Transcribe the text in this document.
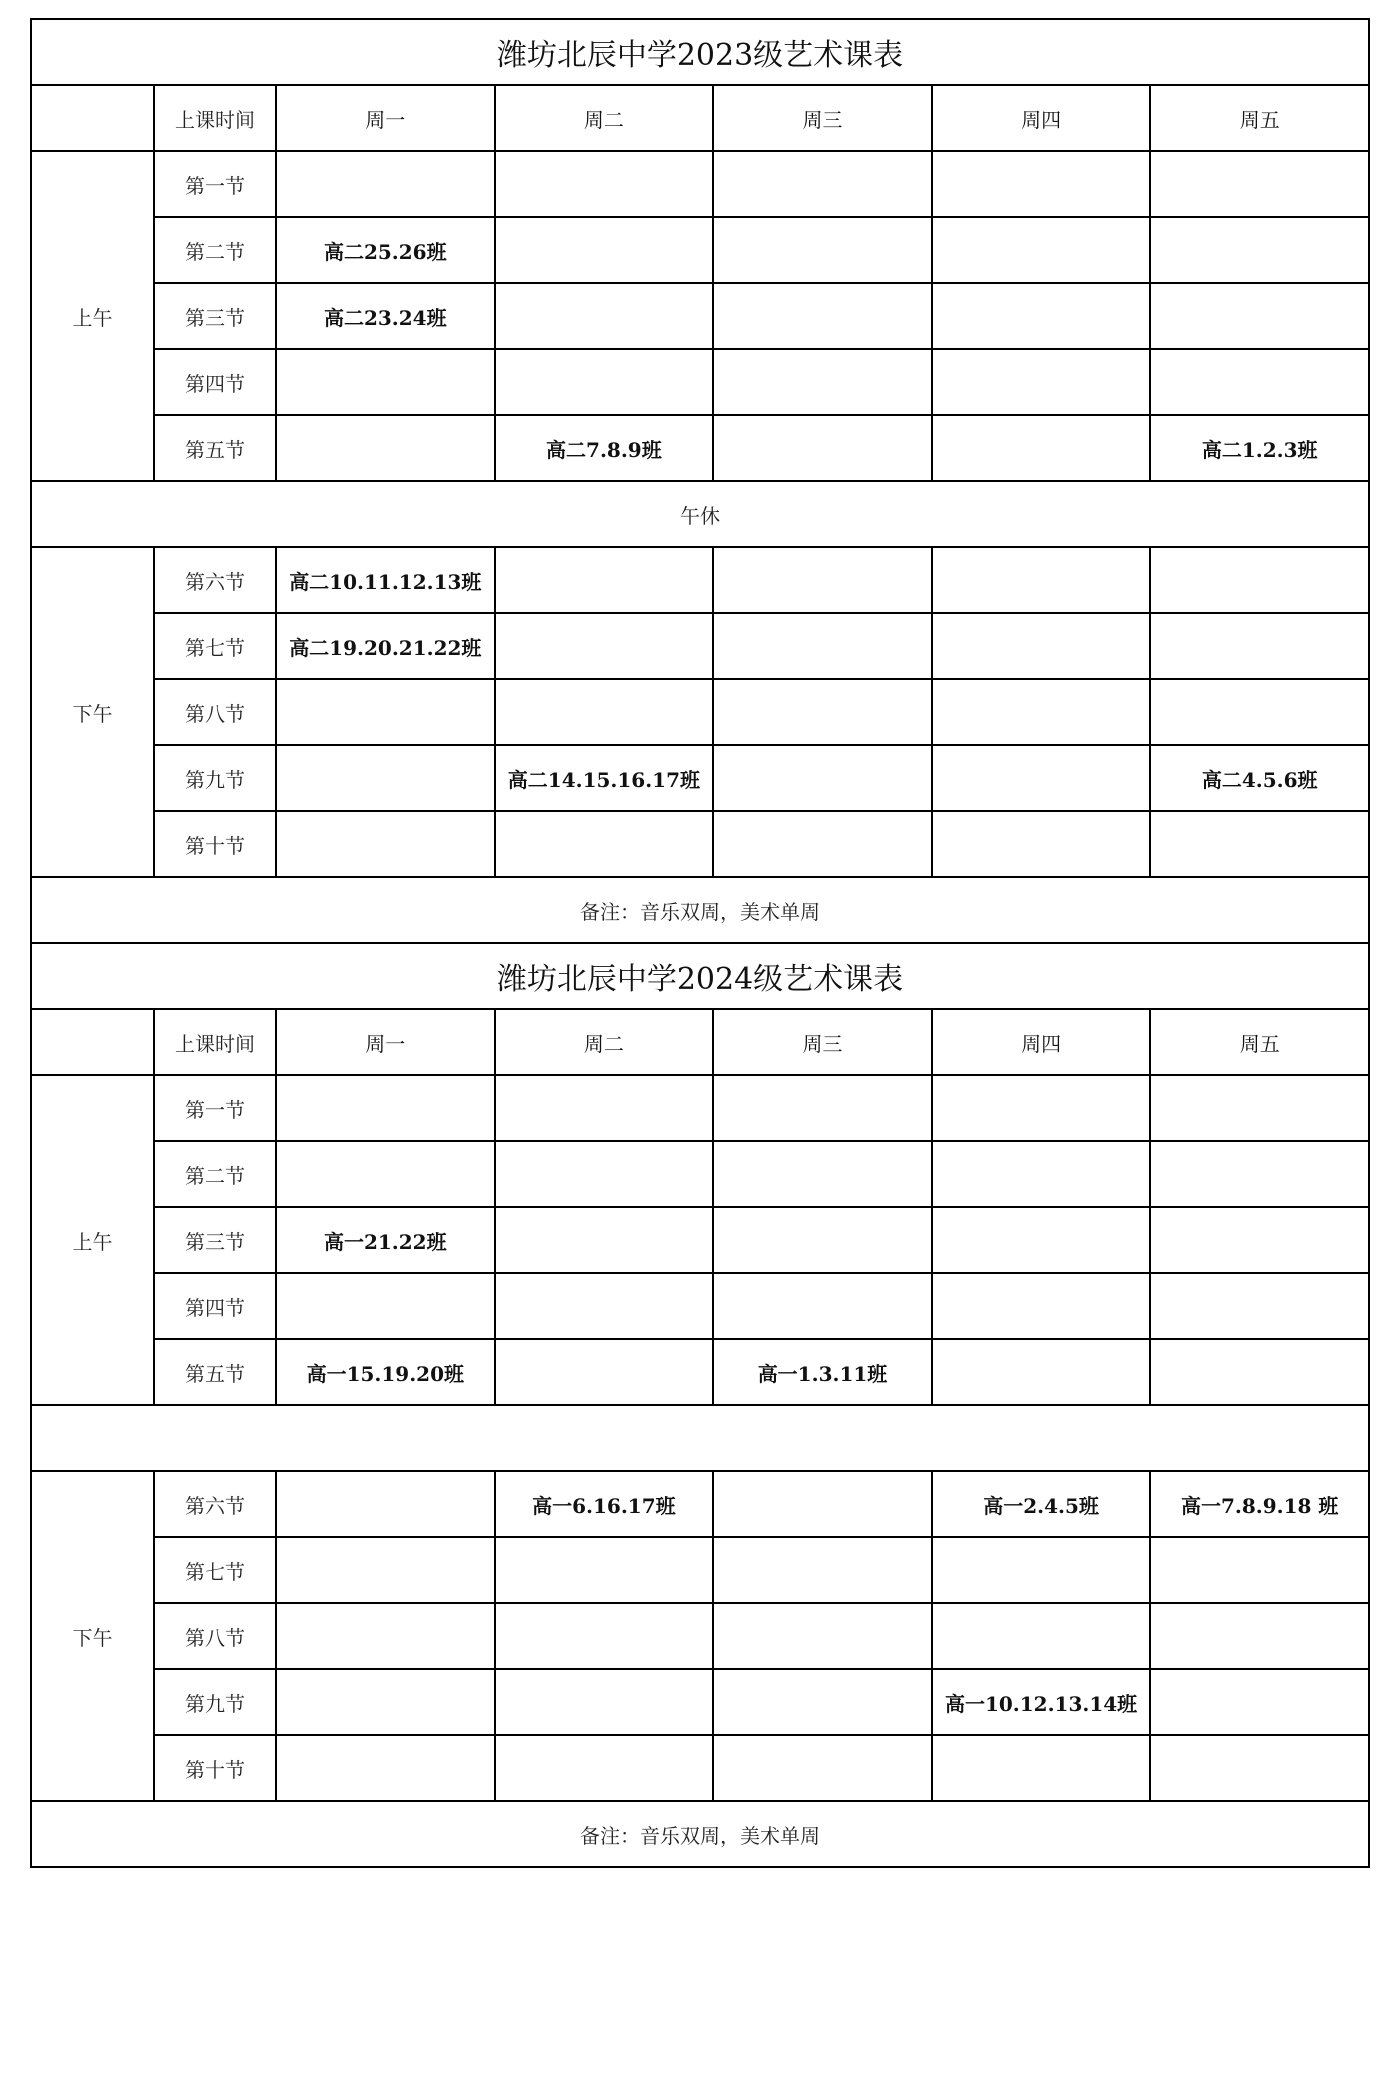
潍坊北辰中学2023级艺术课表						
	上课时间	周一	周二	周三	周四	周五
上午	第一节					
	第二节	高二25.26班				
	第三节	高二23.24班				
	第四节					
	第五节		高二7.8.9班			高二1.2.3班
午休						
下午	第六节	高二10.11.12.13班				
	第七节	高二19.20.21.22班				
	第八节					
	第九节		高二14.15.16.17班			高二4.5.6班
	第十节					
备注：音乐双周，美术单周						
潍坊北辰中学2024级艺术课表						
	上课时间	周一	周二	周三	周四	周五
上午	第一节					
	第二节					
	第三节	高一21.22班				
	第四节					
	第五节	高一15.19.20班		高一1.3.11班		

下午	第六节		高一6.16.17班		高一2.4.5班	高一7.8.9.18 班
	第七节					
	第八节					
	第九节				高一10.12.13.14班	
	第十节					
备注：音乐双周，美术单周						
